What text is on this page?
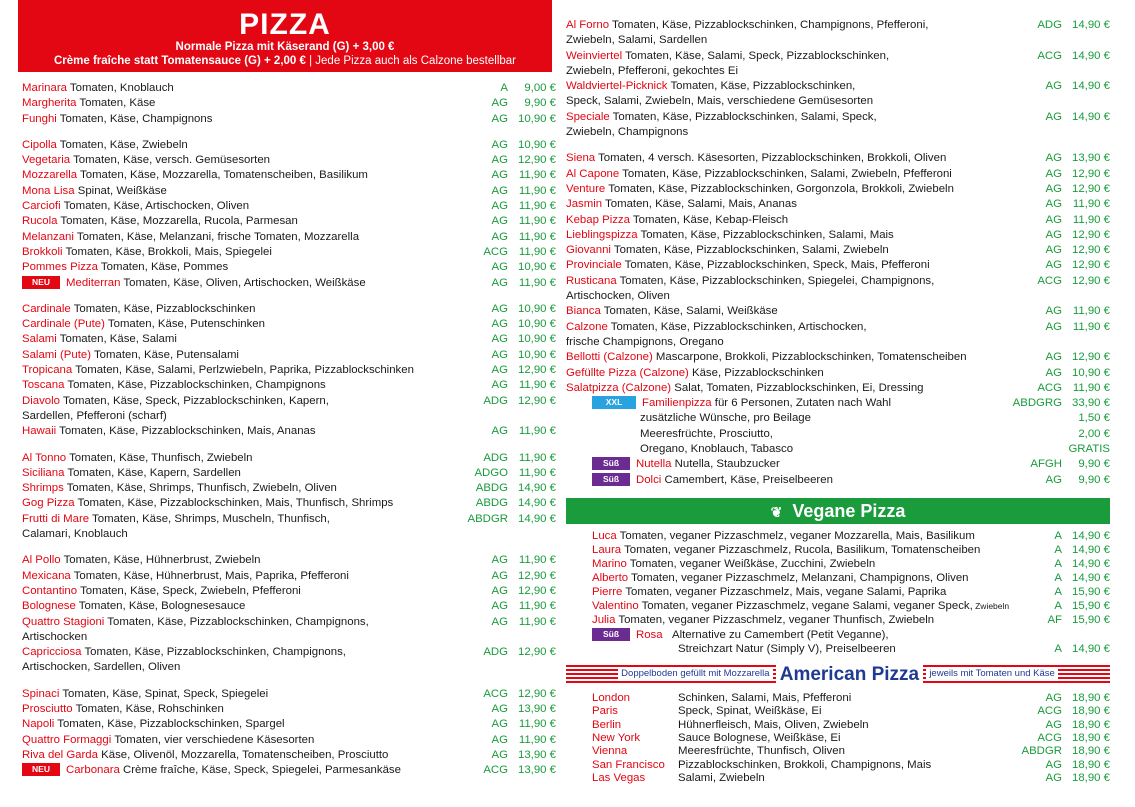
PIZZA
Normale Pizza mit Käserand (G) + 3,00 €
Crème fraîche statt Tomatensauce (G) + 2,00 € | Jede Pizza auch als Calzone bestellbar
Marinara Tomaten, Knoblauch	A	9,00 €
Margherita Tomaten, Käse	AG	9,90 €
Funghi Tomaten, Käse, Champignons	AG 10,90 €
Cipolla Tomaten, Käse, Zwiebeln	AG 10,90 €
Vegetaria Tomaten, Käse, versch. Gemüsesorten	AG 12,90 €
Mozzarella Tomaten, Käse, Mozzarella, Tomatenscheiben, Basilikum	AG 11,90 €
Mona Lisa Spinat, Weißkäse	AG 11,90 €
Carciofi Tomaten, Käse, Artischocken, Oliven	AG 11,90 €
Rucola Tomaten, Käse, Mozzarella, Rucola, Parmesan	AG 11,90 €
Melanzani Tomaten, Käse, Melanzani, frische Tomaten, Mozzarella	AG 11,90 €
Brokkoli Tomaten, Käse, Brokkoli, Mais, Spiegelei	ACG 11,90 €
Pommes Pizza Tomaten, Käse, Pommes	AG 10,90 €
NEU Mediterran Tomaten, Käse, Oliven, Artischocken, Weißkäse	AG 11,90 €
Cardinale Tomaten, Käse, Pizzablockschinken	AG 10,90 €
Cardinale (Pute) Tomaten, Käse, Putenschinken	AG 10,90 €
Salami Tomaten, Käse, Salami	AG 10,90 €
Salami (Pute) Tomaten, Käse, Putensalami	AG 10,90 €
Tropicana Tomaten, Käse, Salami, Perlzwiebeln, Paprika, Pizzablockschinken	AG 12,90 €
Toscana Tomaten, Käse, Pizzablockschinken, Champignons	AG 11,90 €
Diavolo Tomaten, Käse, Speck, Pizzablockschinken, Kapern,
Sardellen, Pfefferoni (scharf)
ADG 12,90 €
Hawaii Tomaten, Käse, Pizzablockschinken, Mais, Ananas	AG 11,90 €
Al Tonno Tomaten, Käse, Thunfisch, Zwiebeln	ADG 11,90 €
Siciliana Tomaten, Käse, Kapern, Sardellen	ADGO 11,90 €
Shrimps Tomaten, Käse, Shrimps, Thunfisch, Zwiebeln, Oliven	ABDG 14,90 €
Gog Pizza Tomaten, Käse, Pizzablockschinken, Mais, Thunfisch, Shrimps	ABDG 14,90 €
Frutti di Mare Tomaten, Käse, Shrimps, Muscheln, Thunfisch,
Calamari, Knoblauch
ABDGR 14,90 €
Al Pollo Tomaten, Käse, Hühnerbrust, Zwiebeln	AG 11,90 €
Mexicana Tomaten, Käse, Hühnerbrust, Mais, Paprika, Pfefferoni	AG 12,90 €
Contantino Tomaten, Käse, Speck, Zwiebeln, Pfefferoni	AG 12,90 €
Bolognese Tomaten, Käse, Bolognesesauce	AG 11,90 €
Quattro Stagioni Tomaten, Käse, Pizzablockschinken, Champignons,
Artischocken
AG 11,90 €
Capricciosa Tomaten, Käse, Pizzablockschinken, Champignons,
Artischocken, Sardellen, Oliven
ADG 12,90 €
Spinaci Tomaten, Käse, Spinat, Speck, Spiegelei	ACG 12,90 €
Prosciutto Tomaten, Käse, Rohschinken	AG 13,90 €
Napoli Tomaten, Käse, Pizzablockschinken, Spargel	AG 11,90 €
Quattro Formaggi Tomaten, vier verschiedene Käsesorten	AG 11,90 €
Riva del Garda Käse, Olivenöl, Mozzarella, Tomatenscheiben, Prosciutto	AG 13,90 €
NEU Carbonara Crème fraîche, Käse, Speck, Spiegelei, Parmesankäse	ACG 13,90 €
Al Forno Tomaten, Käse, Pizzablockschinken, Champignons, Pfefferoni,
Zwiebeln, Salami, Sardellen
ADG 14,90 €
Weinviertel Tomaten, Käse, Salami, Speck, Pizzablockschinken,
Zwiebeln, Pfefferoni, gekochtes Ei
ACG 14,90 €
Waldviertel-Picknick Tomaten, Käse, Pizzablockschinken,
Speck, Salami, Zwiebeln, Mais, verschiedene Gemüsesorten
AG 14,90 €
Speciale Tomaten, Käse, Pizzablockschinken, Salami, Speck,
Zwiebeln, Champignons
AG 14,90 €
Siena Tomaten, 4 versch. Käsesorten, Pizzablockschinken, Brokkoli, Oliven	AG 13,90 €
Al Capone Tomaten, Käse, Pizzablockschinken, Salami, Zwiebeln, Pfefferoni	AG 12,90 €
Venture Tomaten, Käse, Pizzablockschinken, Gorgonzola, Brokkoli, Zwiebeln	AG 12,90 €
Jasmin Tomaten, Käse, Salami, Mais, Ananas	AG 11,90 €
Kebap Pizza Tomaten, Käse, Kebap-Fleisch	AG 11,90 €
Lieblingspizza Tomaten, Käse, Pizzablockschinken, Salami, Mais	AG 12,90 €
Giovanni Tomaten, Käse, Pizzablockschinken, Salami, Zwiebeln	AG 12,90 €
Provinciale Tomaten, Käse, Pizzablockschinken, Speck, Mais, Pfefferoni	AG 12,90 €
Rusticana Tomaten, Käse, Pizzablockschinken, Spiegelei, Champignons,
Artischocken, Oliven
ACG 12,90 €
Bianca Tomaten, Käse, Salami, Weißkäse	AG 11,90 €
Calzone Tomaten, Käse, Pizzablockschinken, Artischocken,
frische Champignons, Oregano
AG 11,90 €
Bellotti (Calzone) Mascarpone, Brokkoli, Pizzablockschinken, Tomatenscheiben	AG 12,90 €
Gefüllte Pizza (Calzone) Käse, Pizzablockschinken	AG 10,90 €
Salatpizza (Calzone) Salat, Tomaten, Pizzablockschinken, Ei, Dressing	ACG 11,90 €
XXL Familienpizza für 6 Personen, Zutaten nach Wahl	ABDGRG 33,90 €
zusätzliche Wünsche, pro Beilage	1,50 €
Meeresfrüchte, Prosciutto,	2,00 €
Oregano, Knoblauch, Tabasco	GRATIS
Süß Nutella Nutella, Staubzucker	AFGH	9,90 €
Süß Dolci Camembert, Käse, Preiselbeeren	AG	9,90 €
❦ Vegane Pizza
Luca Tomaten, veganer Pizzaschmelz, veganer Mozzarella, Mais, Basilikum	A 14,90 €
Laura Tomaten, veganer Pizzaschmelz, Rucola, Basilikum, Tomatenscheiben	A 14,90 €
Marino Tomaten, veganer Weißkäse, Zucchini, Zwiebeln	A 14,90 €
Alberto Tomaten, veganer Pizzaschmelz, Melanzani, Champignons, Oliven	A 14,90 €
Pierre Tomaten, veganer Pizzaschmelz, Mais, vegane Salami, Paprika	A 15,90 €
Valentino Tomaten, veganer Pizzaschmelz, vegane Salami, veganer Speck, Zwiebeln	A 15,90 €
Julia Tomaten, veganer Pizzaschmelz, veganer Thunfisch, Zwiebeln	AF 15,90 €
Süß Rosa Alternative zu Camembert (Petit Veganne),
Streichzart Natur (Simply V), Preiselbeeren	A 14,90 €
$^{Doppelboden gefüllt mit Mozzarella}$ American Pizza $^{jeweils mit Tomaten und Käse}$
London	Schinken, Salami, Mais, Pfefferoni	AG 18,90 €
Paris	Speck, Spinat, Weißkäse, Ei	ACG 18,90 €
Berlin	Hühnerfleisch, Mais, Oliven, Zwiebeln	AG 18,90 €
New York	Sauce Bolognese, Weißkäse, Ei	ACG 18,90 €
Vienna	Meeresfrüchte, Thunfisch, Oliven	ABDGR 18,90 €
San Francisco Pizzablockschinken, Brokkoli, Champignons, Mais	AG 18,90 €
Las Vegas	Salami, Zwiebeln	AG 18,90 €
